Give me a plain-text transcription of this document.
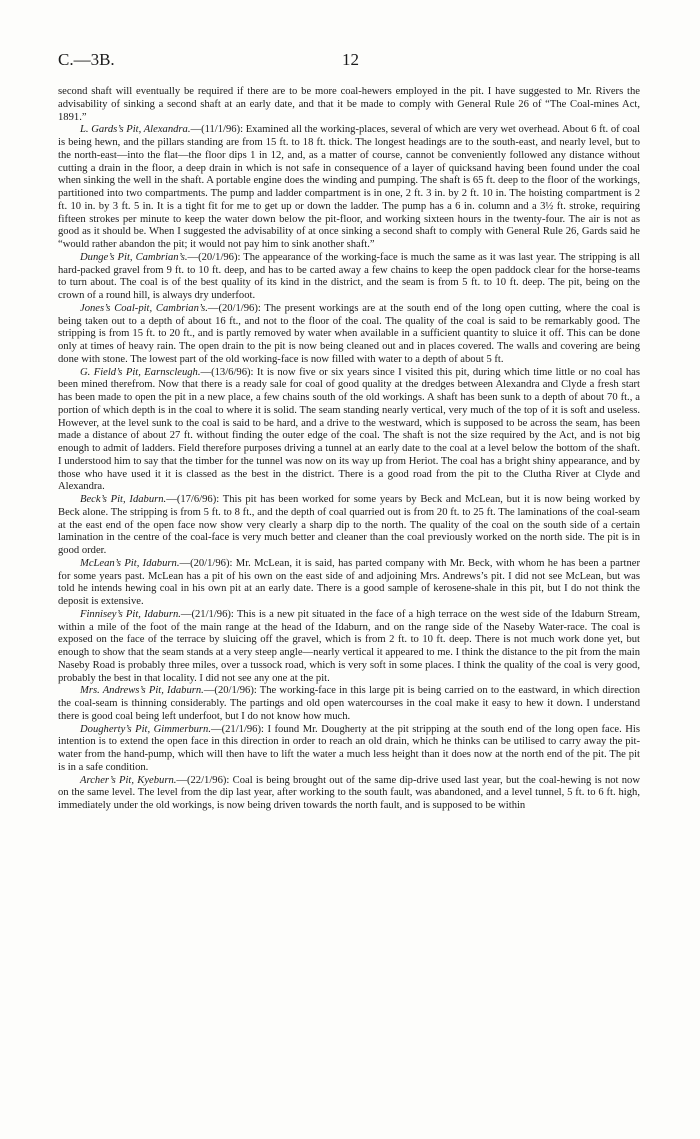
C.—3B.	12

second shaft will eventually be required if there are to be more coal-hewers employed in the pit. I have suggested to Mr. Rivers the advisability of sinking a second shaft at an early date, and that it be made to comply with General Rule 26 of “The Coal-mines Act, 1891.”

L. Gards’s Pit, Alexandra.—(11/1/96): Examined all the working-places, several of which are very wet overhead. About 6 ft. of coal is being hewn, and the pillars standing are from 15 ft. to 18 ft. thick. The longest headings are to the south-east, and nearly level, but to the north-east—into the flat—the floor dips 1 in 12, and, as a matter of course, cannot be conveniently followed any distance without cutting a drain in the floor, a deep drain in which is not safe in consequence of a layer of quicksand having been found under the coal when sinking the well in the shaft. A portable engine does the winding and pumping. The shaft is 65 ft. deep to the floor of the workings, partitioned into two compartments. The pump and ladder compartment is in one, 2 ft. 3 in. by 2 ft. 10 in. The hoisting compartment is 2 ft. 10 in. by 3 ft. 5 in. It is a tight fit for me to get up or down the ladder. The pump has a 6 in. column and a 3½ ft. stroke, requiring fifteen strokes per minute to keep the water down below the pit-floor, and working sixteen hours in the twenty-four. The air is not as good as it should be. When I suggested the advisability of at once sinking a second shaft to comply with General Rule 26, Gards said he “would rather abandon the pit; it would not pay him to sink another shaft.”

Dunge’s Pit, Cambrian’s.—(20/1/96): The appearance of the working-face is much the same as it was last year. The stripping is all hard-packed gravel from 9 ft. to 10 ft. deep, and has to be carted away a few chains to keep the open paddock clear for the horse-teams to turn about. The coal is of the best quality of its kind in the district, and the seam is from 5 ft. to 10 ft. deep. The pit, being on the crown of a round hill, is always dry underfoot.

Jones’s Coal-pit, Cambrian’s.—(20/1/96): The present workings are at the south end of the long open cutting, where the coal is being taken out to a depth of about 16 ft., and not to the floor of the coal. The quality of the coal is said to be remarkably good. The stripping is from 15 ft. to 20 ft., and is partly removed by water when available in a sufficient quantity to sluice it off. This can be done only at times of heavy rain. The open drain to the pit is now being cleaned out and in places covered. The walls and covering are being done with stone. The lowest part of the old working-face is now filled with water to a depth of about 5 ft.

G. Field’s Pit, Earnscleugh.—(13/6/96): It is now five or six years since I visited this pit, during which time little or no coal has been mined therefrom. Now that there is a ready sale for coal of good quality at the dredges between Alexandra and Clyde a fresh start has been made to open the pit in a new place, a few chains south of the old workings. A shaft has been sunk to a depth of about 70 ft., a portion of which depth is in the coal to where it is solid. The seam standing nearly vertical, very much of the top of it is soft and useless. However, at the level sunk to the coal is said to be hard, and a drive to the westward, which is supposed to be across the seam, has been made a distance of about 27 ft. without finding the outer edge of the coal. The shaft is not the size required by the Act, and is not big enough to admit of ladders. Field therefore purposes driving a tunnel at an early date to the coal at a level below the bottom of the shaft. I understood him to say that the timber for the tunnel was now on its way up from Heriot. The coal has a bright shiny appearance, and by those who have used it it is classed as the best in the district. There is a good road from the pit to the Clutha River at Clyde and Alexandra.

Beck’s Pit, Idaburn.—(17/6/96): This pit has been worked for some years by Beck and McLean, but it is now being worked by Beck alone. The stripping is from 5 ft. to 8 ft., and the depth of coal quarried out is from 20 ft. to 25 ft. The laminations of the coal-seam at the east end of the open face now show very clearly a sharp dip to the north. The quality of the coal on the south side of a certain lamination in the centre of the coal-face is very much better and cleaner than the coal previously worked on the north side. The pit is in good order.

McLean’s Pit, Idaburn.—(20/1/96): Mr. McLean, it is said, has parted company with Mr. Beck, with whom he has been a partner for some years past. McLean has a pit of his own on the east side of and adjoining Mrs. Andrews’s pit. I did not see McLean, but was told he intends hewing coal in his own pit at an early date. There is a good sample of kerosene-shale in this pit, but I do not think the deposit is extensive.

Finnisey’s Pit, Idaburn.—(21/1/96): This is a new pit situated in the face of a high terrace on the west side of the Idaburn Stream, within a mile of the foot of the main range at the head of the Idaburn, and on the range side of the Naseby Water-race. The coal is exposed on the face of the terrace by sluicing off the gravel, which is from 2 ft. to 10 ft. deep. There is not much work done yet, but enough to show that the seam stands at a very steep angle—nearly vertical it appeared to me. I think the distance to the pit from the main Naseby Road is probably three miles, over a tussock road, which is very soft in some places. I think the quality of the coal is very good, probably the best in that locality. I did not see any one at the pit.

Mrs. Andrews’s Pit, Idaburn.—(20/1/96): The working-face in this large pit is being carried on to the eastward, in which direction the coal-seam is thinning considerably. The partings and old open watercourses in the coal make it easy to hew it down. I understand there is good coal being left underfoot, but I do not know how much.

Dougherty’s Pit, Gimmerburn.—(21/1/96): I found Mr. Dougherty at the pit stripping at the south end of the long open face. His intention is to extend the open face in this direction in order to reach an old drain, which he thinks can be utilised to carry away the pit-water from the hand-pump, which will then have to lift the water a much less height than it does now at the north end of the pit. The pit is in a safe condition.

Archer’s Pit, Kyeburn.—(22/1/96): Coal is being brought out of the same dip-drive used last year, but the coal-hewing is not now on the same level. The level from the dip last year, after working to the south fault, was abandoned, and a level tunnel, 5 ft. to 6 ft. high, immediately under the old workings, is now being driven towards the north fault, and is supposed to be within
